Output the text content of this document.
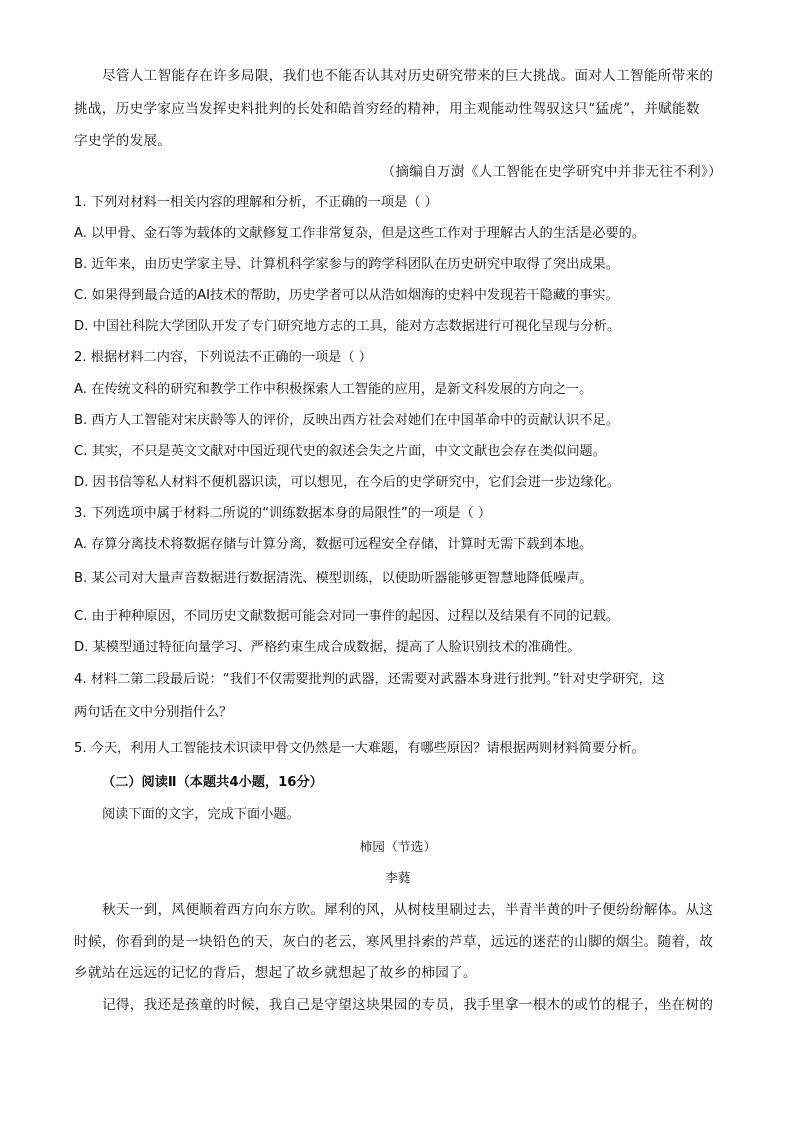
尽管人工智能存在许多局限，我们也不能否认其对历史研究带来的巨大挑战。面对人工智能所带来的
挑战，历史学家应当发挥史料批判的长处和皓首穷经的精神，用主观能动性驾驭这只“猛虎”，并赋能数
字史学的发展。
（摘编自万澍《人工智能在史学研究中并非无往不利》）
1. 下列对材料一相关内容的理解和分析，不正确的一项是（ ）
A. 以甲骨、金石等为载体的文献修复工作非常复杂，但是这些工作对于理解古人的生活是必要的。
B. 近年来，由历史学家主导、计算机科学家参与的跨学科团队在历史研究中取得了突出成果。
C. 如果得到最合适的AI技术的帮助，历史学者可以从浩如烟海的史料中发现若干隐藏的事实。
D. 中国社科院大学团队开发了专门研究地方志的工具，能对方志数据进行可视化呈现与分析。
2. 根据材料二内容，下列说法不正确的一项是（ ）
A. 在传统文科的研究和教学工作中积极探索人工智能的应用，是新文科发展的方向之一。
B. 西方人工智能对宋庆龄等人的评价，反映出西方社会对她们在中国革命中的贡献认识不足。
C. 其实，不只是英文文献对中国近现代史的叙述会失之片面，中文文献也会存在类似问题。
D. 因书信等私人材料不便机器识读，可以想见，在今后的史学研究中，它们会进一步边缘化。
3. 下列选项中属于材料二所说的“训练数据本身的局限性”的一项是（ ）
A. 存算分离技术将数据存储与计算分离，数据可远程安全存储，计算时无需下载到本地。
B. 某公司对大量声音数据进行数据清洗、模型训练，以使助听器能够更智慧地降低噪声。
C. 由于种种原因，不同历史文献数据可能会对同一事件的起因、过程以及结果有不同的记载。
D. 某模型通过特征向量学习、严格约束生成合成数据，提高了人脸识别技术的准确性。
4. 材料二第二段最后说：“我们不仅需要批判的武器，还需要对武器本身进行批判。”针对史学研究，这
两句话在文中分别指什么？
5. 今天，利用人工智能技术识读甲骨文仍然是一大难题，有哪些原因？请根据两则材料简要分析。
（二）阅读Ⅱ（本题共4小题，16分）
阅读下面的文字，完成下面小题。
柿园（节选）
李蕤
秋天一到，风便顺着西方向东方吹。犀利的风，从树枝里刷过去，半青半黄的叶子便纷纷解体。从这
时候，你看到的是一块铅色的天，灰白的老云，寒风里抖索的芦草，远远的迷茫的山脚的烟尘。随着，故
乡就站在远远的记忆的背后，想起了故乡就想起了故乡的柿园了。
记得，我还是孩童的时候，我自己是守望这块果园的专员，我手里拿一根木的或竹的棍子，坐在树的
